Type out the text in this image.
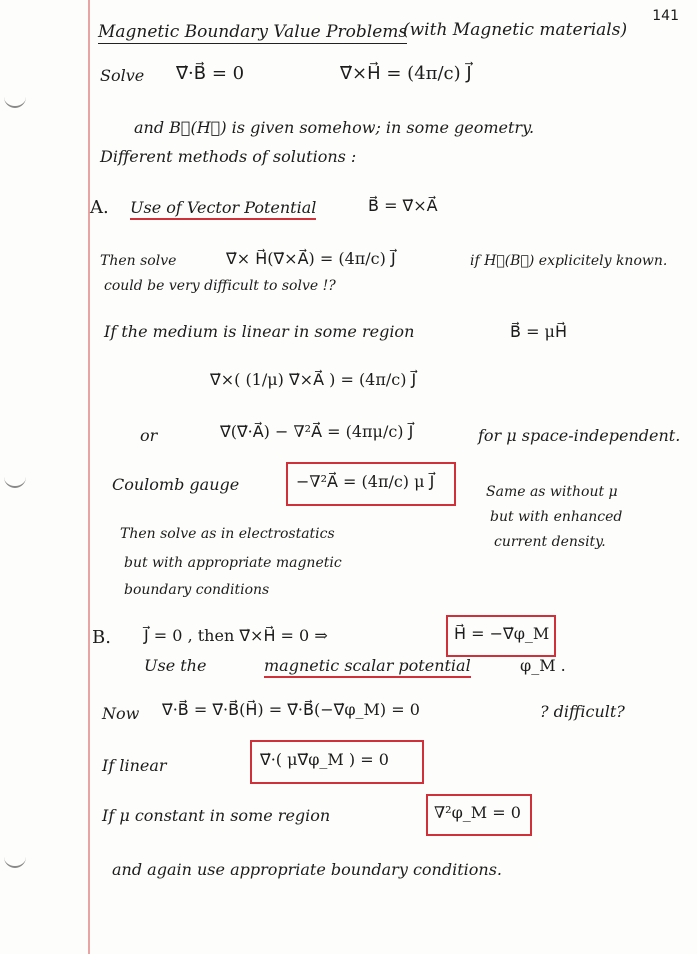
141
Magnetic Boundary Value Problems
(with Magnetic materials)
Solve ∇⃗·B⃗ = 0	∇⃗×H⃗ = (4π/c) J⃗
and B⃗(H⃗) is given somehow; in some geometry.
Different methods of solutions :
A. Use of Vector Potential	B⃗ = ∇⃗×A⃗
Then solve	∇⃗× H⃗(∇⃗×A⃗) = (4π/c) J⃗	if H⃗(B⃗) explicitely known.
could be very difficult to solve !?
If the medium is linear in some region	B⃗ = μH⃗
∇⃗×( (1/μ) ∇⃗×A⃗ ) = (4π/c) J⃗
or	∇⃗(∇⃗·A⃗) − ∇²A⃗ = (4πμ/c) J⃗	for μ space-independent.
Coulomb gauge	−∇²A⃗ = (4π/c) μ J⃗
Same as without μ
but with enhanced
current density.
Then solve as in electrostatics
but with appropriate magnetic
boundary conditions
B. J⃗ = 0 , then ∇⃗×H⃗ = 0 ⇒	H⃗ = −∇⃗φ_M
Use the	magnetic scalar potential	φ_M .
Now ∇⃗·B⃗ = ∇⃗·B⃗(H⃗) = ∇⃗·B⃗(−∇⃗φ_M) = 0	? difficult?
If linear	∇⃗·( μ∇⃗φ_M ) = 0
If μ constant in some region	∇²φ_M = 0
and again use appropriate boundary conditions.
